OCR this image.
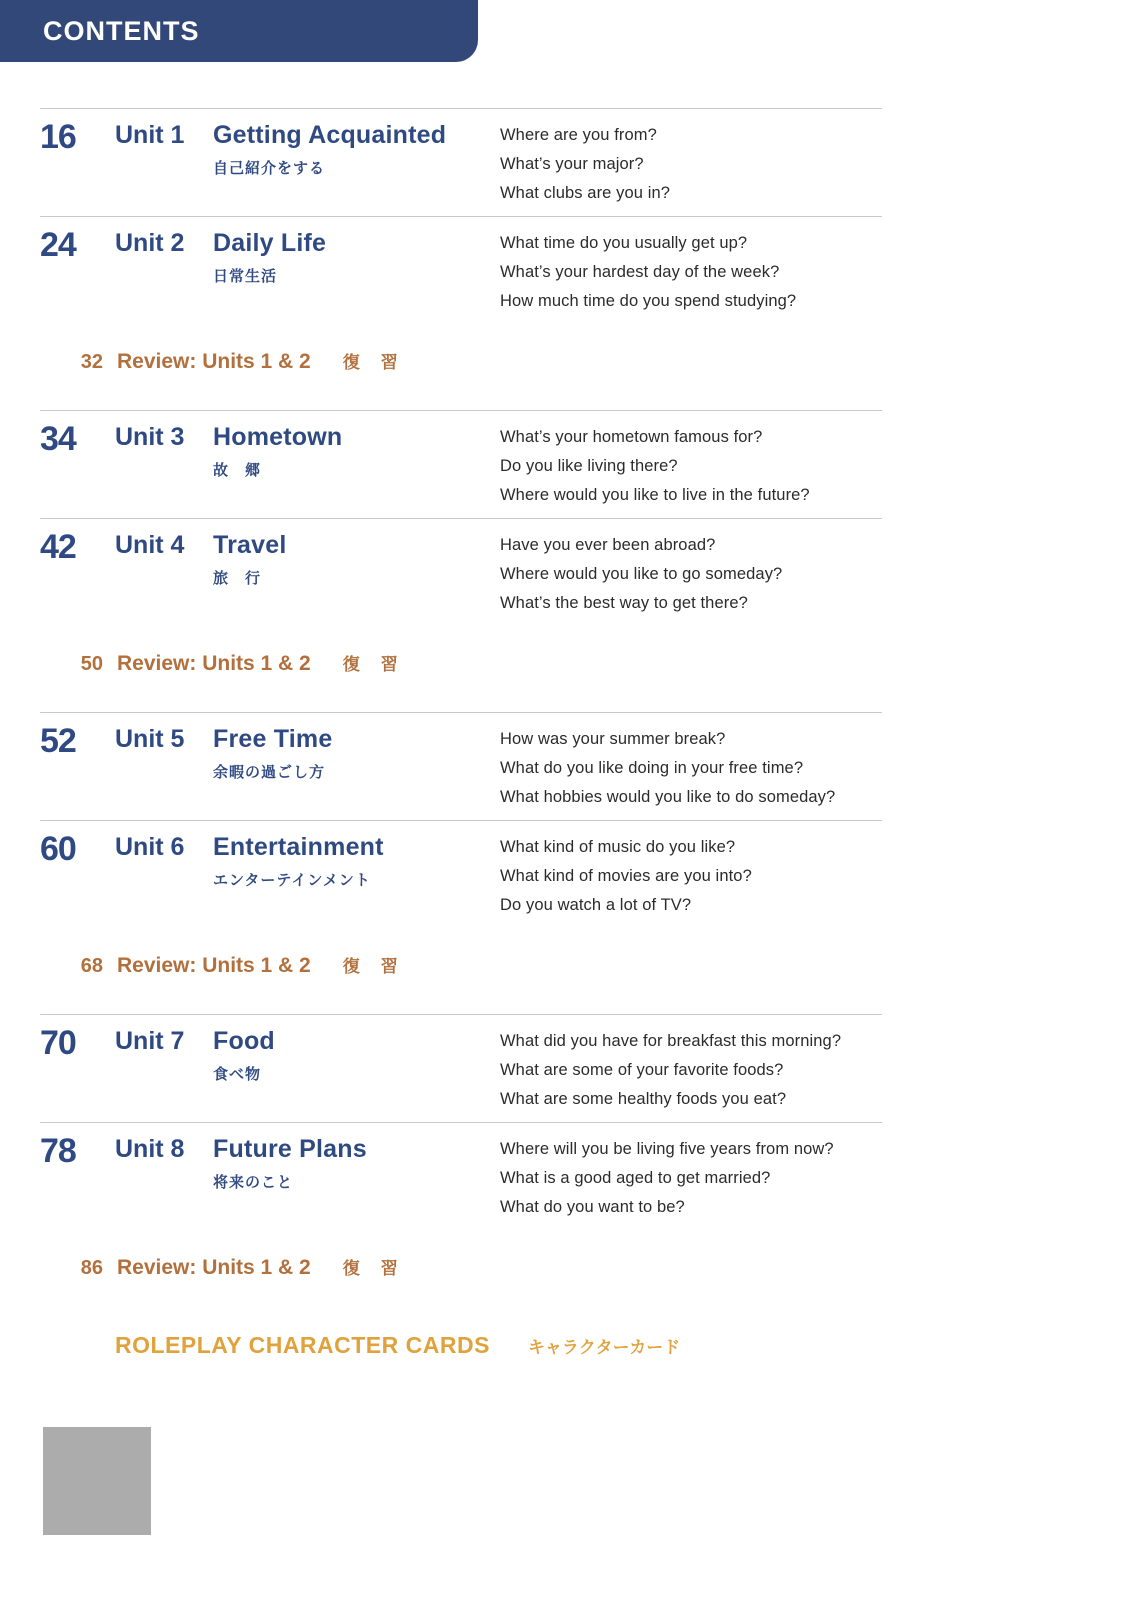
CONTENTS
16	Unit 1	Getting Acquainted
自己紹介をする
Where are you from?
What’s your major?
What clubs are you in?
24	Unit 2	Daily Life
日常生活
What time do you usually get up?
What’s your hardest day of the week?
How much time do you spend studying?
32 Review: Units 1 & 2 復　習
34	Unit 3	Hometown
故　郷
What’s your hometown famous for?
Do you like living there?
Where would you like to live in the future?
42	Unit 4	Travel
旅　行
Have you ever been abroad?
Where would you like to go someday?
What’s the best way to get there?
50 Review: Units 1 & 2 復　習
52	Unit 5	Free Time
余暇の過ごし方
How was your summer break?
What do you like doing in your free time?
What hobbies would you like to do someday?
60	Unit 6	Entertainment
エンターテインメント
What kind of music do you like?
What kind of movies are you into?
Do you watch a lot of TV?
68 Review: Units 1 & 2 復　習
70	Unit 7	Food
食べ物
What did you have for breakfast this morning?
What are some of your favorite foods?
What are some healthy foods you eat?
78	Unit 8	Future Plans
将来のこと
Where will you be living five years from now?
What is a good aged to get married?
What do you want to be?
86 Review: Units 1 & 2 復　習
ROLEPLAY CHARACTER CARDS キャラクターカード
